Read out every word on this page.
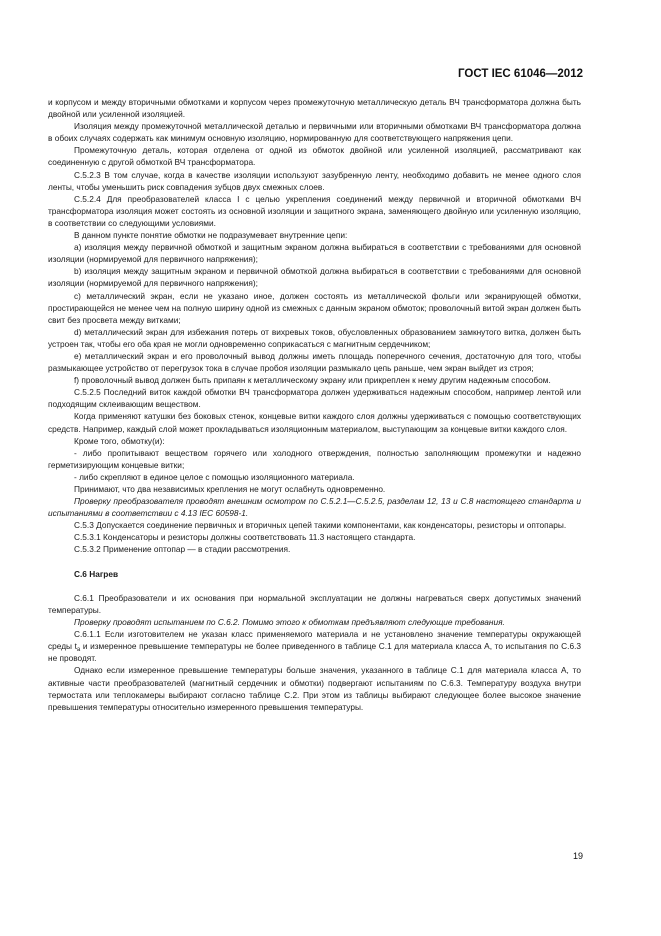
ГОСТ IEC 61046—2012

и корпусом и между вторичными обмотками и корпусом через промежуточную металлическую деталь ВЧ трансформатора должна быть двойной или усиленной изоляцией.

Изоляция между промежуточной металлической деталью и первичными или вторичными обмотками ВЧ трансформатора должна в обоих случаях содержать как минимум основную изоляцию, нормированную для соответствующего напряжения цепи.

Промежуточную деталь, которая отделена от одной из обмоток двойной или усиленной изоляцией, рассматривают как соединенную с другой обмоткой ВЧ трансформатора.

С.5.2.3 В том случае, когда в качестве изоляции используют зазубренную ленту, необходимо добавить не менее одного слоя ленты, чтобы уменьшить риск совпадения зубцов двух смежных слоев.

С.5.2.4 Для преобразователей класса I с целью укрепления соединений между первичной и вторичной обмотками ВЧ трансформатора изоляция может состоять из основной изоляции и защитного экрана, заменяющего двойную или усиленную изоляцию, в соответствии со следующими условиями.

В данном пункте понятие обмотки не подразумевает внутренние цепи:

a) изоляция между первичной обмоткой и защитным экраном должна выбираться в соответствии с требованиями для основной изоляции (нормируемой для первичного напряжения);

b) изоляция между защитным экраном и первичной обмоткой должна выбираться в соответствии с требованиями для основной изоляции (нормируемой для первичного напряжения);

c) металлический экран, если не указано иное, должен состоять из металлической фольги или экранирующей обмотки, простирающейся не менее чем на полную ширину одной из смежных с данным экраном обмоток; проволочный витой экран должен быть свит без просвета между витками;

d) металлический экран для избежания потерь от вихревых токов, обусловленных образованием замкнутого витка, должен быть устроен так, чтобы его оба края не могли одновременно соприкасаться с магнитным сердечником;

e) металлический экран и его проволочный вывод должны иметь площадь поперечного сечения, достаточную для того, чтобы размыкающее устройство от перегрузок тока в случае пробоя изоляции размыкало цепь раньше, чем экран выйдет из строя;

f) проволочный вывод должен быть припаян к металлическому экрану или прикреплен к нему другим надежным способом.

С.5.2.5 Последний виток каждой обмотки ВЧ трансформатора должен удерживаться надежным способом, например лентой или подходящим склеивающим веществом.

Когда применяют катушки без боковых стенок, концевые витки каждого слоя должны удерживаться с помощью соответствующих средств. Например, каждый слой может прокладываться изоляционным материалом, выступающим за концевые витки каждого слоя.

Кроме того, обмотку(и):

- либо пропитывают веществом горячего или холодного отверждения, полностью заполняющим промежутки и надежно герметизирующим концевые витки;

- либо скрепляют в единое целое с помощью изоляционного материала.

Принимают, что два независимых крепления не могут ослабнуть одновременно.

Проверку преобразователя проводят внешним осмотром по С.5.2.1—С.5.2.5, разделам 12, 13 и С.8 настоящего стандарта и испытаниями в соответствии с 4.13 IEC 60598-1.

С.5.3 Допускается соединение первичных и вторичных цепей такими компонентами, как конденсаторы, резисторы и оптопары.

С.5.3.1 Конденсаторы и резисторы должны соответствовать 11.3 настоящего стандарта.

С.5.3.2 Применение оптопар — в стадии рассмотрения.

С.6 Нагрев

С.6.1 Преобразователи и их основания при нормальной эксплуатации не должны нагреваться сверх допустимых значений температуры.

Проверку проводят испытанием по С.6.2. Помимо этого к обмоткам предъявляют следующие требования.

С.6.1.1 Если изготовителем не указан класс применяемого материала и не установлено значение температуры окружающей среды $t_a$ и измеренное превышение температуры не более приведенного в таблице С.1 для материала класса А, то испытания по С.6.3 не проводят.

Однако если измеренное превышение температуры больше значения, указанного в таблице С.1 для материала класса А, то активные части преобразователей (магнитный сердечник и обмотки) подвергают испытаниям по С.6.3. Температуру воздуха внутри термостата или теплокамеры выбирают согласно таблице С.2. При этом из таблицы выбирают следующее более высокое значение превышения температуры относительно измеренного превышения температуры.

19
